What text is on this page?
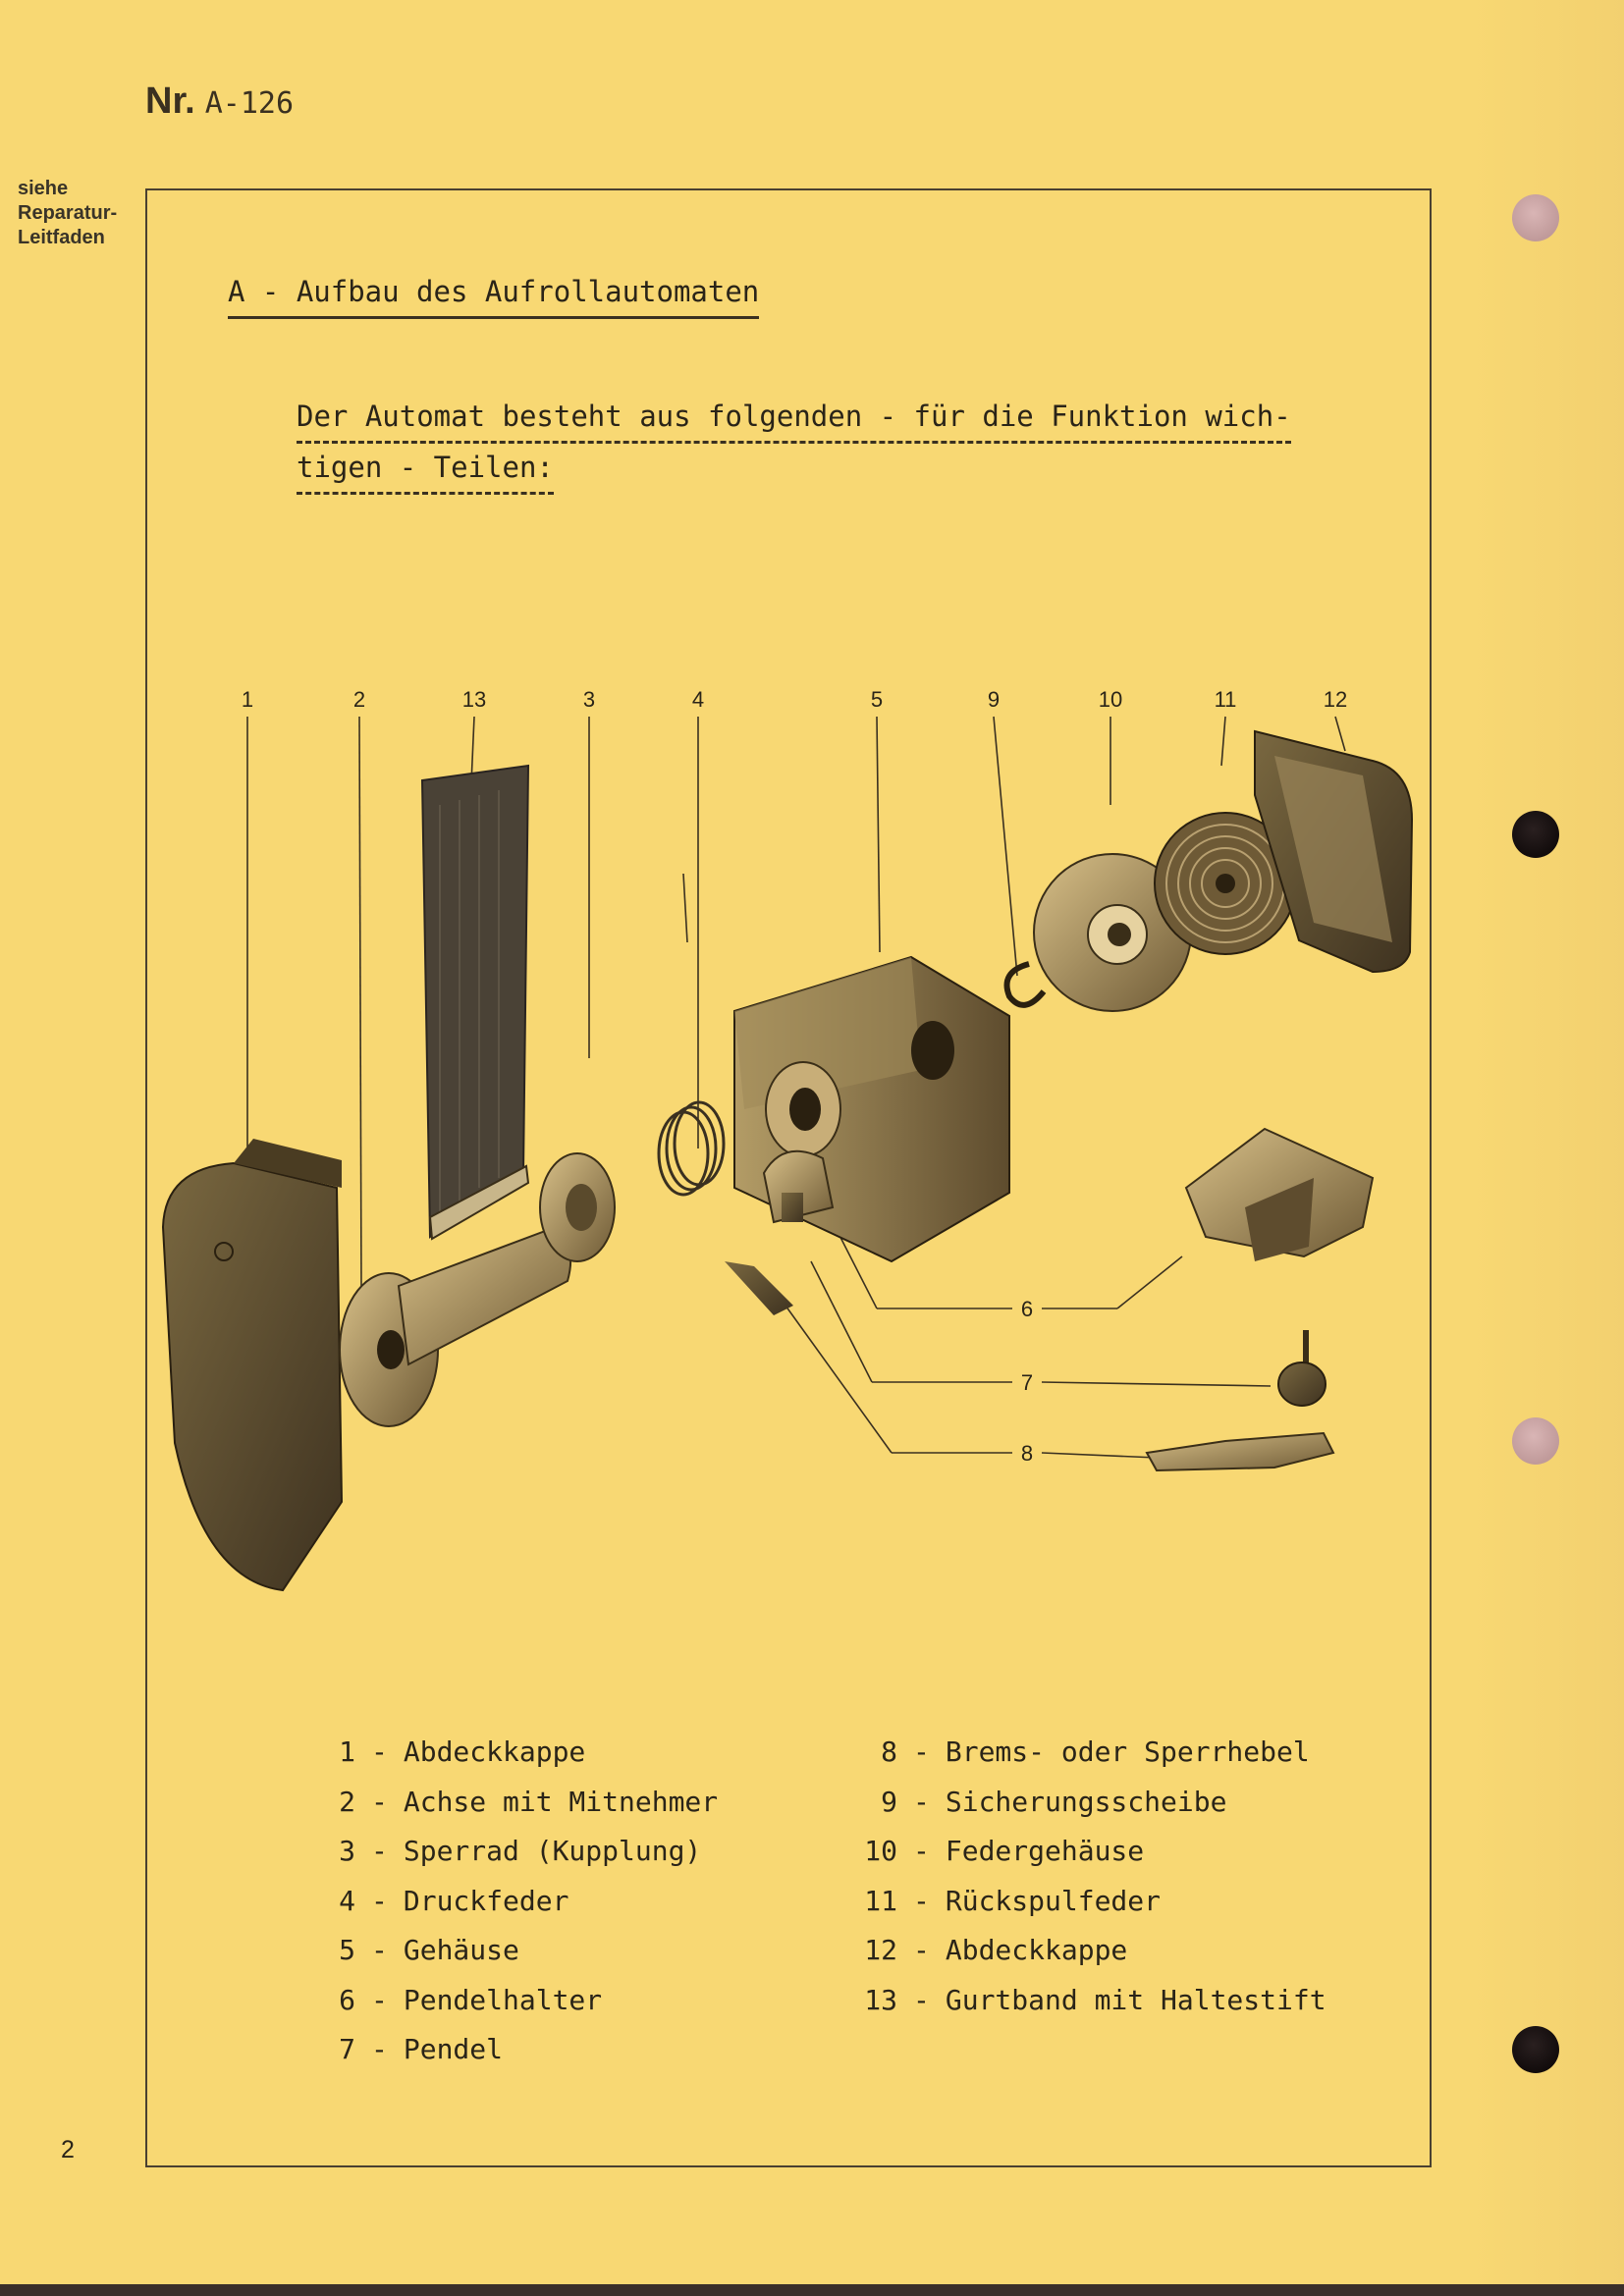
Nr. A-126
siehe
Reparatur-
Leitfaden
A - Aufbau des Aufrollautomaten
Der Automat besteht aus folgenden - für die Funktion wich-
tigen - Teilen:
1	2	13	3	4	5	9	10	11	12
6
7
8
1 - Abdeckkappe
2 - Achse mit Mitnehmer
3 - Sperrad (Kupplung)
4 - Druckfeder
5 - Gehäuse
6 - Pendelhalter
7 - Pendel
8 - Brems- oder Sperrhebel
9 - Sicherungsscheibe
10 - Federgehäuse
11 - Rückspulfeder
12 - Abdeckkappe
13 - Gurtband mit Haltestift
2
